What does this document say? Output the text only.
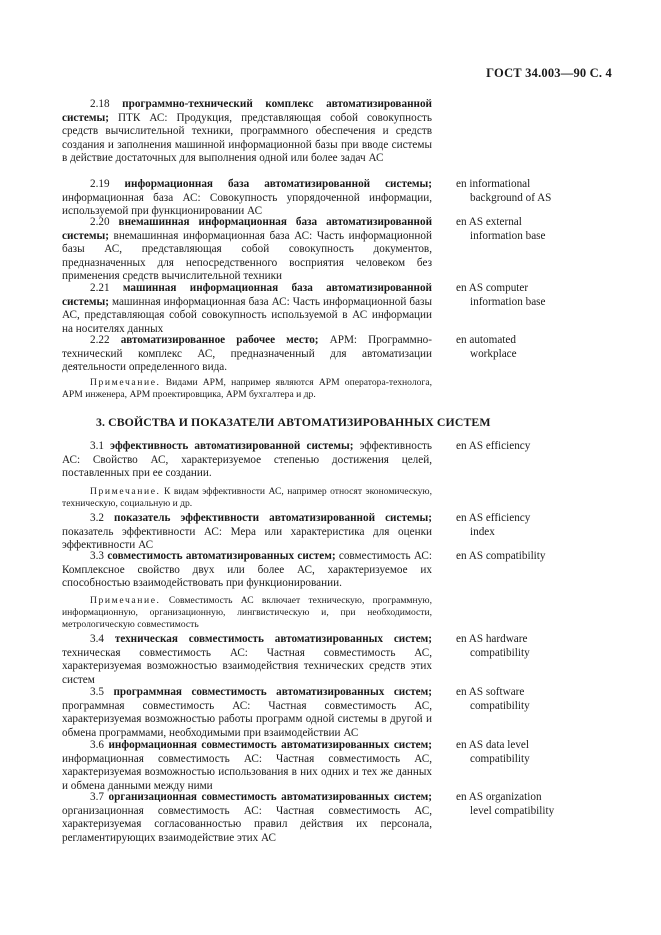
ГОСТ 34.003—90 С. 4
2.18 программно-технический комплекс автоматизированной системы; ПТК АС: Продукция, представляющая собой совокупность средств вычислительной техники, программного обеспечения и средств создания и заполнения машинной информационной базы при вводе системы в действие достаточных для выполнения одной или более задач АС
2.19 информационная база автоматизированной системы; информационная база АС: Совокупность упорядоченной информации, используемой при функционировании АС
en informational
background of AS
2.20 внемашинная информационная база автоматизированной системы; внемашинная информационная база АС: Часть информационной базы АС, представляющая собой совокупность документов, предназначенных для непосредственного восприятия человеком без применения средств вычислительной техники
en AS external
information base
2.21 машинная информационная база автоматизированной системы; машинная информационная база АС: Часть информационной базы АС, представляющая собой совокупность используемой в АС информации на носителях данных
en AS computer
information base
2.22 автоматизированное рабочее место; АРМ: Программно-технический комплекс АС, предназначенный для автоматизации деятельности определенного вида.
en automated
workplace
Примечание. Видами АРМ, например являются АРМ оператора-технолога, АРМ инженера, АРМ проектировщика, АРМ бухгалтера и др.
3. СВОЙСТВА И ПОКАЗАТЕЛИ АВТОМАТИЗИРОВАННЫХ СИСТЕМ
3.1 эффективность автоматизированной системы; эффективность АС: Свойство АС, характеризуемое степенью достижения целей, поставленных при ее создании.
en AS efficiency
Примечание. К видам эффективности АС, например относят экономическую, техническую, социальную и др.
3.2 показатель эффективности автоматизированной системы; показатель эффективности АС: Мера или характеристика для оценки эффективности АС
en AS efficiency
index
3.3 совместимость автоматизированных систем; совместимость АС: Комплексное свойство двух или более АС, характеризуемое их способностью взаимодействовать при функционировании.
en AS compatibility
Примечание. Совместимость АС включает техническую, программную, информационную, организационную, лингвистическую и, при необходимости, метрологическую совместимость
3.4 техническая совместимость автоматизированных систем; техническая совместимость АС: Частная совместимость АС, характеризуемая возможностью взаимодействия технических средств этих систем
en AS hardware
compatibility
3.5 программная совместимость автоматизированных систем; программная совместимость АС: Частная совместимость АС, характеризуемая возможностью работы программ одной системы в другой и обмена программами, необходимыми при взаимодействии АС
en AS software
compatibility
3.6 информационная совместимость автоматизированных систем; информационная совместимость АС: Частная совместимость АС, характеризуемая возможностью использования в них одних и тех же данных и обмена данными между ними
en AS data level
compatibility
3.7 организационная совместимость автоматизированных систем; организационная совместимость АС: Частная совместимость АС, характеризуемая согласованностью правил действия их персонала, регламентирующих взаимодействие этих АС
en AS organization
level compatibility
